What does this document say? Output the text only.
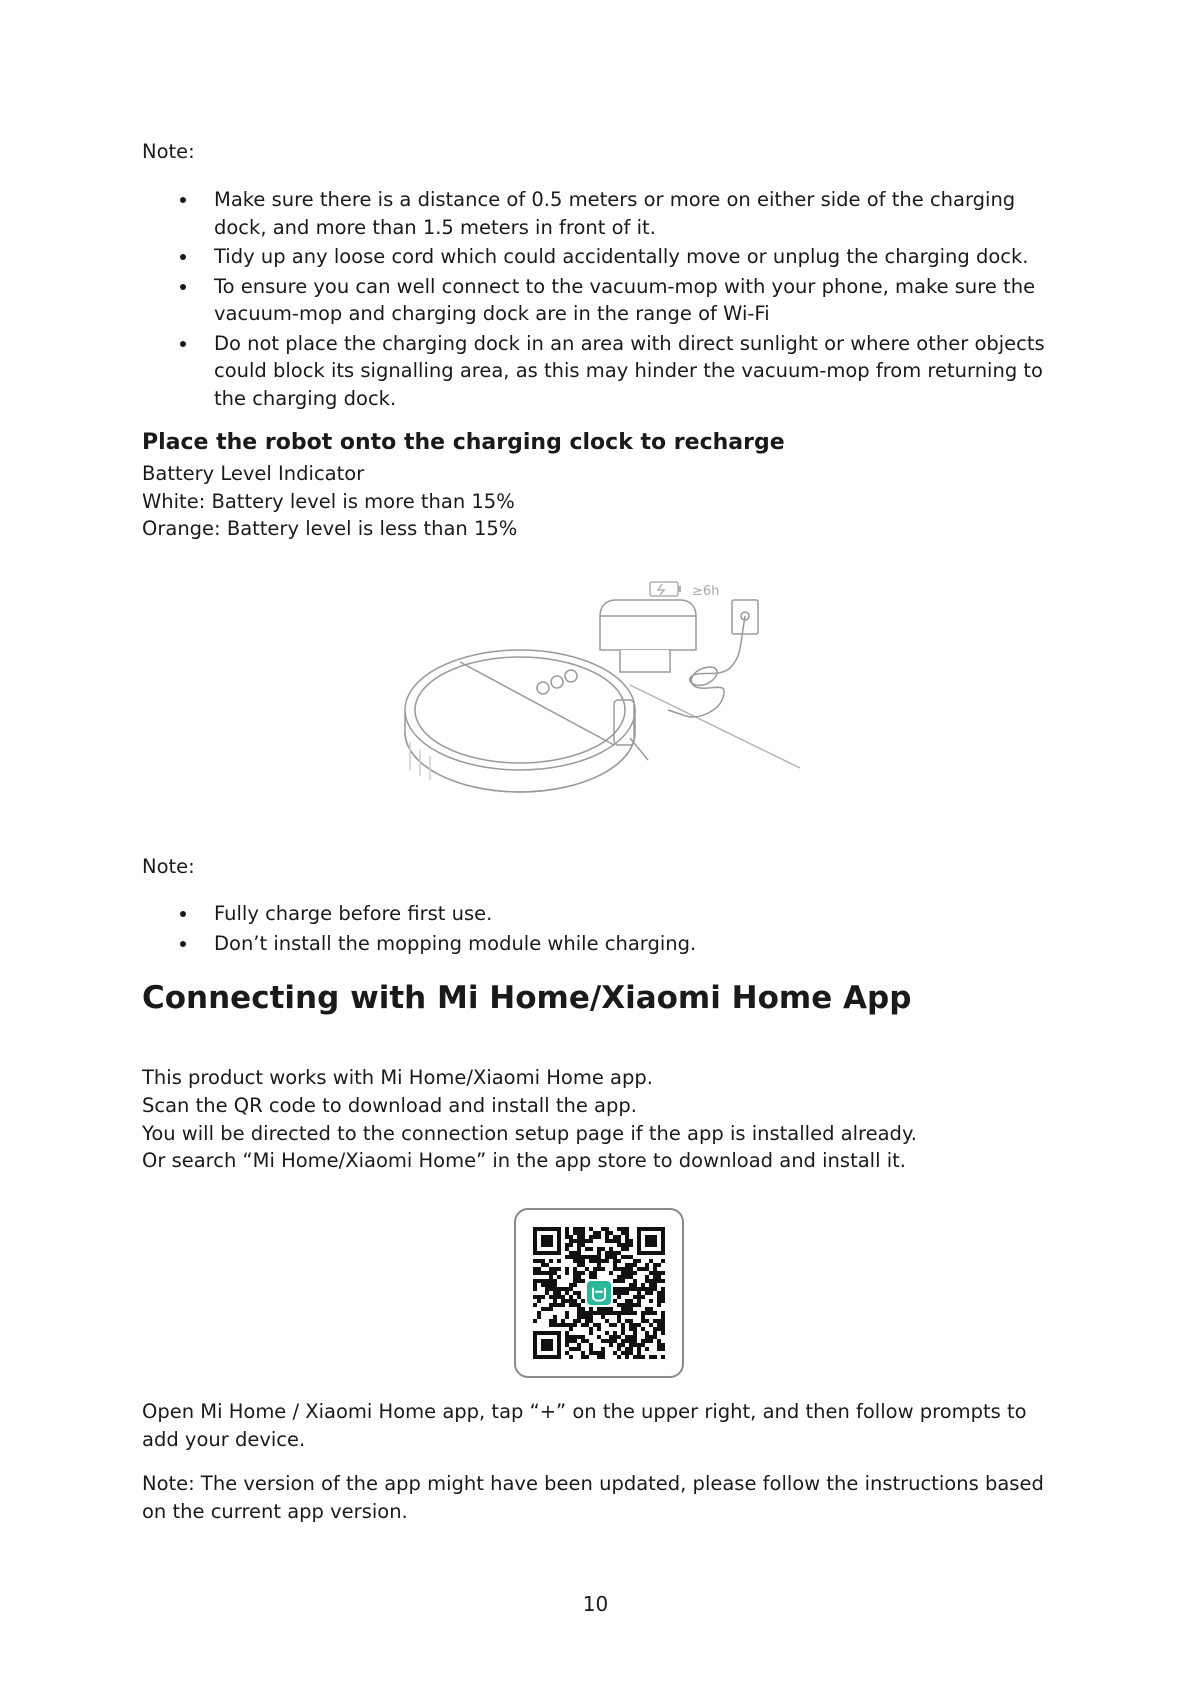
Note:
Make sure there is a distance of 0.5 meters or more on either side of the charging dock, and more than 1.5 meters in front of it.
Tidy up any loose cord which could accidentally move or unplug the charging dock.
To ensure you can well connect to the vacuum-mop with your phone, make sure the vacuum-mop and charging dock are in the range of Wi-Fi
Do not place the charging dock in an area with direct sunlight or where other objects could block its signalling area, as this may hinder the vacuum-mop from returning to the charging dock.
Place the robot onto the charging clock to recharge
Battery Level Indicator
White: Battery level is more than 15%
Orange: Battery level is less than 15%
≥6h
Note:
Fully charge before first use.
Don’t install the mopping module while charging.
Connecting with Mi Home/Xiaomi Home App
This product works with Mi Home/Xiaomi Home app.
Scan the QR code to download and install the app.
You will be directed to the connection setup page if the app is installed already.
Or search “Mi Home/Xiaomi Home” in the app store to download and install it.
Open Mi Home / Xiaomi Home app, tap “+” on the upper right, and then follow prompts to add your device.
Note: The version of the app might have been updated, please follow the instructions based on the current app version.
10
